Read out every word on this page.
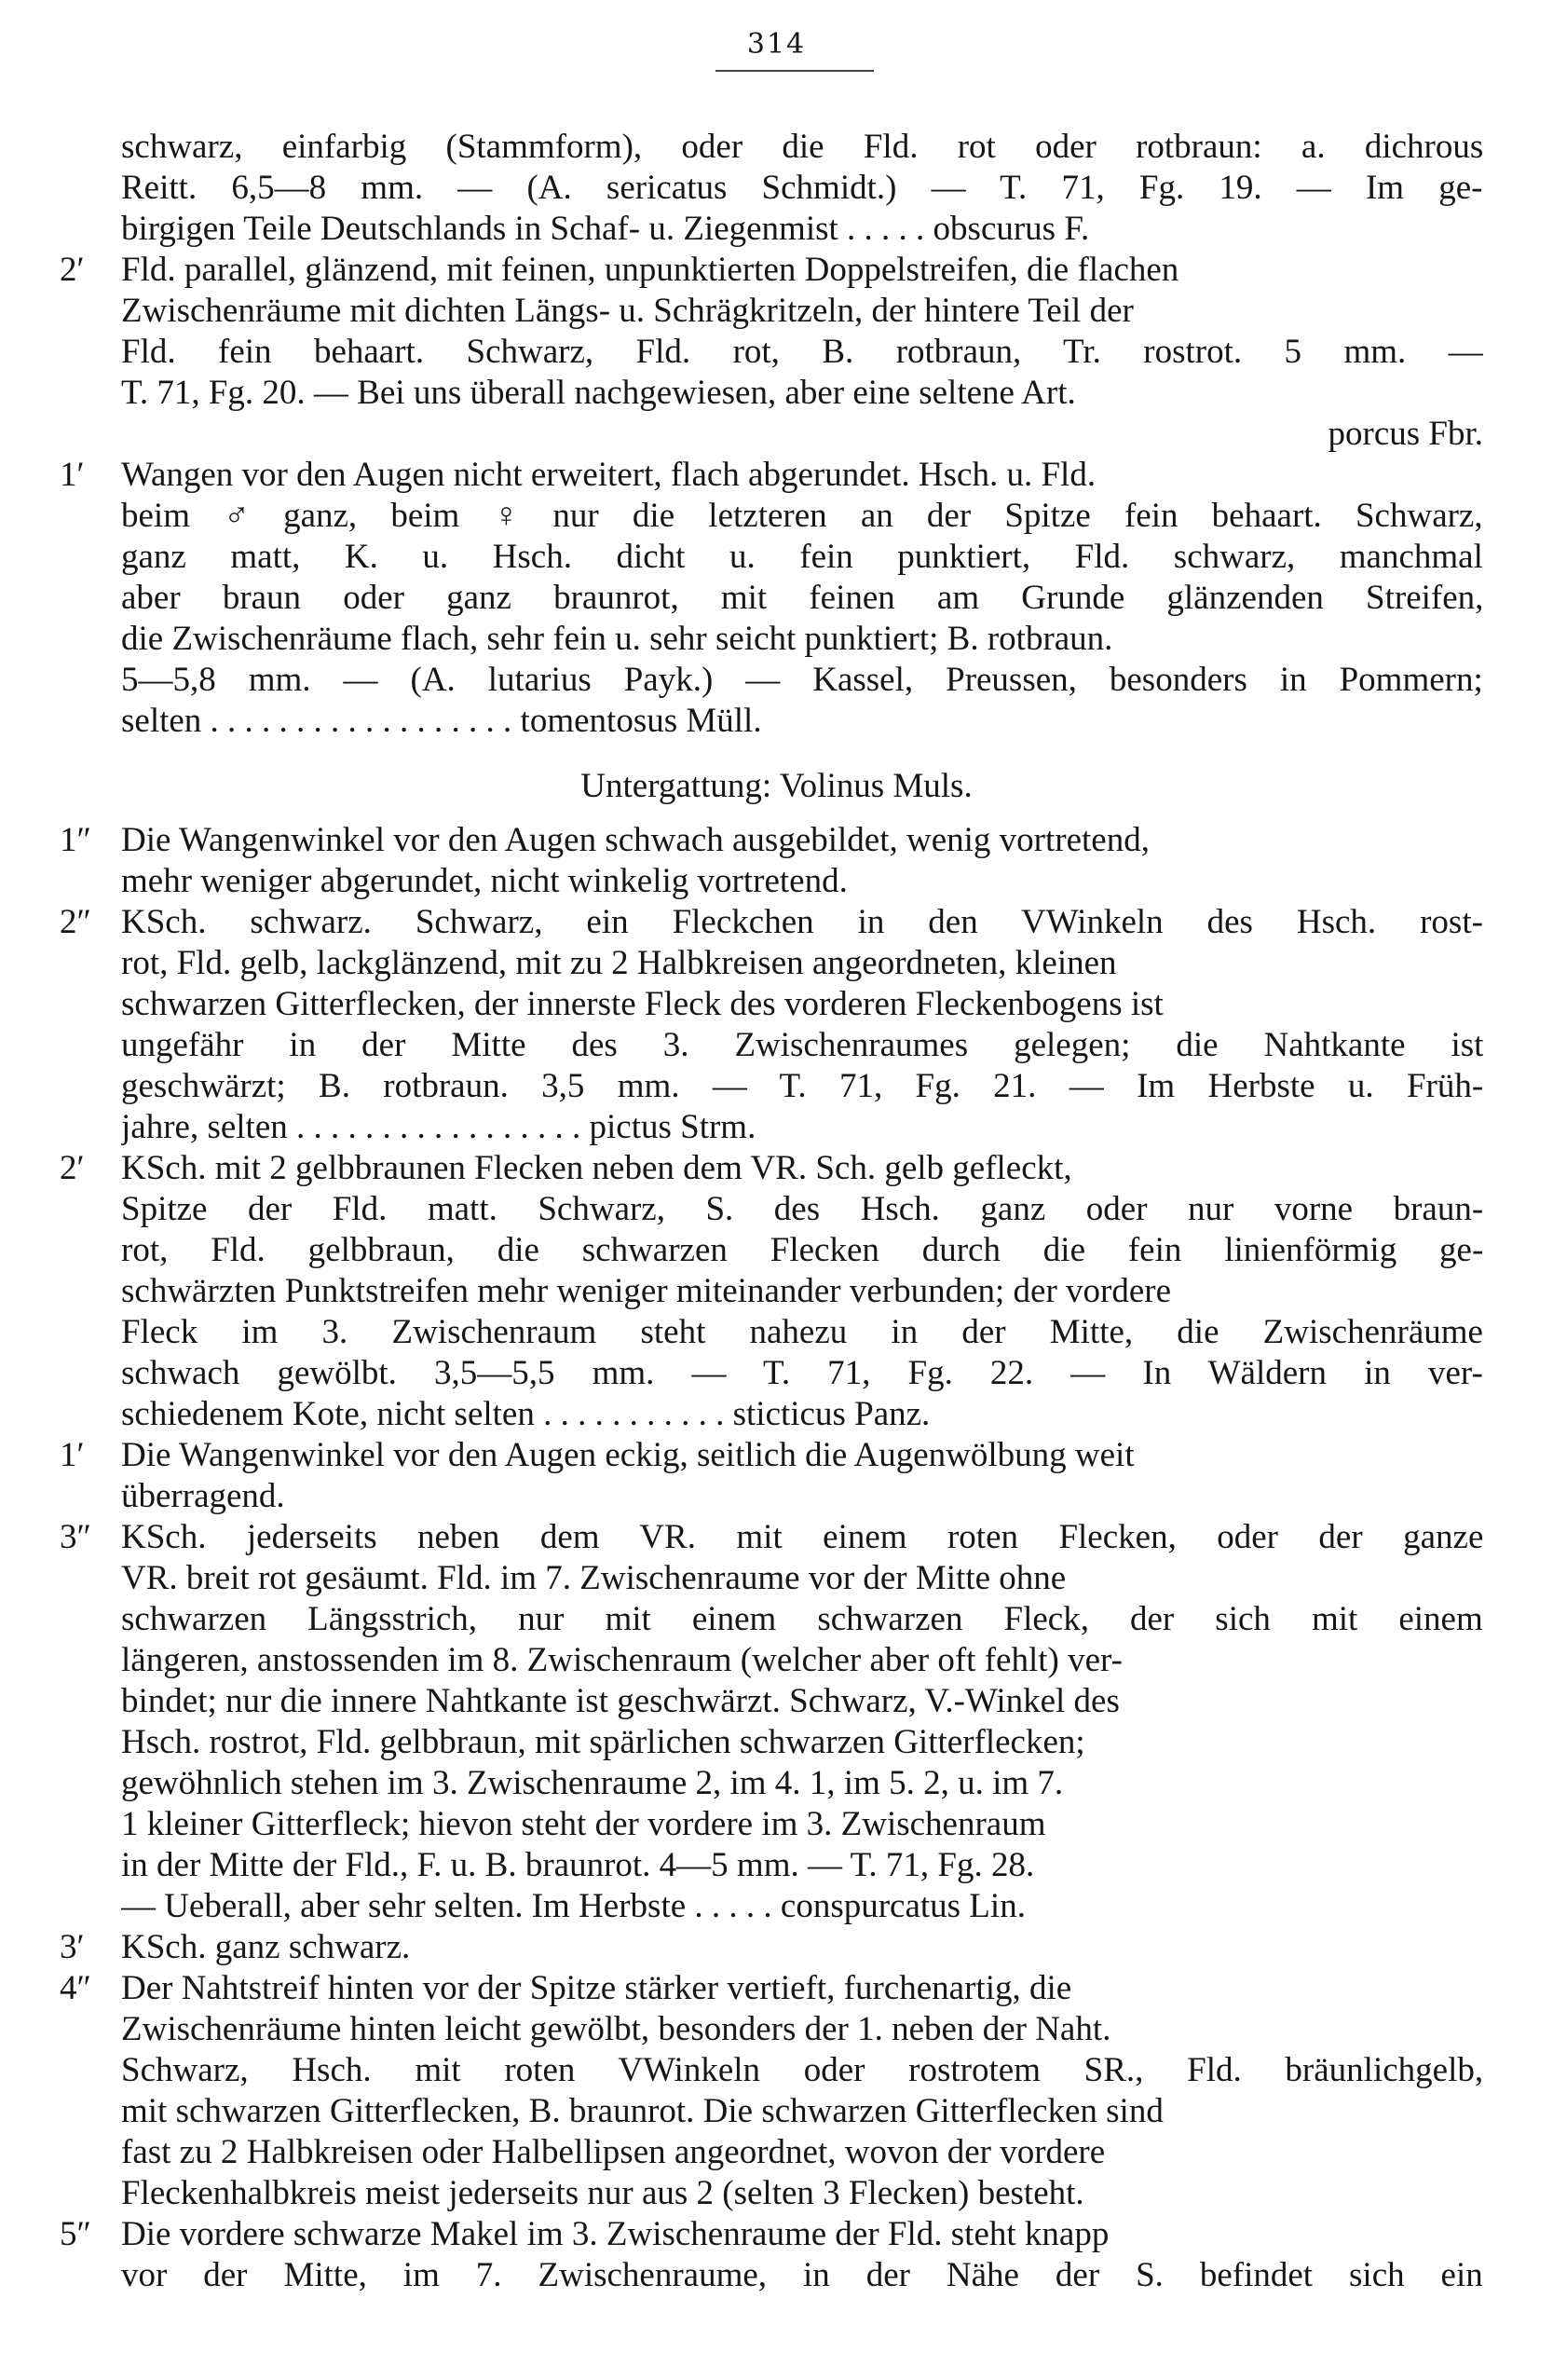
314
schwarz, einfarbig (Stammform), oder die Fld. rot oder rotbraun: a. dichrous
Reitt. 6,5—8 mm. — (A. sericatus Schmidt.) — T. 71, Fg. 19. — Im ge-
birgigen Teile Deutschlands in Schaf- u. Ziegenmist . . . . . obscurus F.
2′ Fld. parallel, glänzend, mit feinen, unpunktierten Doppelstreifen, die flachen
Zwischenräume mit dichten Längs- u. Schrägkritzeln, der hintere Teil der
Fld. fein behaart. Schwarz, Fld. rot, B. rotbraun, Tr. rostrot. 5 mm. —
T. 71, Fg. 20. — Bei uns überall nachgewiesen, aber eine seltene Art.
porcus Fbr.
1′ Wangen vor den Augen nicht erweitert, flach abgerundet. Hsch. u. Fld.
beim ♂ ganz, beim ♀ nur die letzteren an der Spitze fein behaart. Schwarz,
ganz matt, K. u. Hsch. dicht u. fein punktiert, Fld. schwarz, manchmal
aber braun oder ganz braunrot, mit feinen am Grunde glänzenden Streifen,
die Zwischenräume flach, sehr fein u. sehr seicht punktiert; B. rotbraun.
5—5,8 mm. — (A. lutarius Payk.) — Kassel, Preussen, besonders in Pommern;
selten . . . . . . . . . . . . . . . . . . tomentosus Müll.
Untergattung: Volinus Muls.
1″ Die Wangenwinkel vor den Augen schwach ausgebildet, wenig vortretend,
mehr weniger abgerundet, nicht winkelig vortretend.
2″ KSch. schwarz. Schwarz, ein Fleckchen in den VWinkeln des Hsch. rost-
rot, Fld. gelb, lackglänzend, mit zu 2 Halbkreisen angeordneten, kleinen
schwarzen Gitterflecken, der innerste Fleck des vorderen Fleckenbogens ist
ungefähr in der Mitte des 3. Zwischenraumes gelegen; die Nahtkante ist
geschwärzt; B. rotbraun. 3,5 mm. — T. 71, Fg. 21. — Im Herbste u. Früh-
jahre, selten . . . . . . . . . . . . . . . . . pictus Strm.
2′ KSch. mit 2 gelbbraunen Flecken neben dem VR. Sch. gelb gefleckt,
Spitze der Fld. matt. Schwarz, S. des Hsch. ganz oder nur vorne braun-
rot, Fld. gelbbraun, die schwarzen Flecken durch die fein linienförmig ge-
schwärzten Punktstreifen mehr weniger miteinander verbunden; der vordere
Fleck im 3. Zwischenraum steht nahezu in der Mitte, die Zwischenräume
schwach gewölbt. 3,5—5,5 mm. — T. 71, Fg. 22. — In Wäldern in ver-
schiedenem Kote, nicht selten . . . . . . . . . . . sticticus Panz.
1′ Die Wangenwinkel vor den Augen eckig, seitlich die Augenwölbung weit
überragend.
3″ KSch. jederseits neben dem VR. mit einem roten Flecken, oder der ganze
VR. breit rot gesäumt. Fld. im 7. Zwischenraume vor der Mitte ohne
schwarzen Längsstrich, nur mit einem schwarzen Fleck, der sich mit einem
längeren, anstossenden im 8. Zwischenraum (welcher aber oft fehlt) ver-
bindet; nur die innere Nahtkante ist geschwärzt. Schwarz, V.-Winkel des
Hsch. rostrot, Fld. gelbbraun, mit spärlichen schwarzen Gitterflecken;
gewöhnlich stehen im 3. Zwischenraume 2, im 4. 1, im 5. 2, u. im 7.
1 kleiner Gitterfleck; hievon steht der vordere im 3. Zwischenraum
in der Mitte der Fld., F. u. B. braunrot. 4—5 mm. — T. 71, Fg. 28.
— Ueberall, aber sehr selten. Im Herbste . . . . . conspurcatus Lin.
3′ KSch. ganz schwarz.
4″ Der Nahtstreif hinten vor der Spitze stärker vertieft, furchenartig, die
Zwischenräume hinten leicht gewölbt, besonders der 1. neben der Naht.
Schwarz, Hsch. mit roten VWinkeln oder rostrotem SR., Fld. bräunlichgelb,
mit schwarzen Gitterflecken, B. braunrot. Die schwarzen Gitterflecken sind
fast zu 2 Halbkreisen oder Halbellipsen angeordnet, wovon der vordere
Fleckenhalbkreis meist jederseits nur aus 2 (selten 3 Flecken) besteht.
5″ Die vordere schwarze Makel im 3. Zwischenraume der Fld. steht knapp
vor der Mitte, im 7. Zwischenraume, in der Nähe der S. befindet sich ein
